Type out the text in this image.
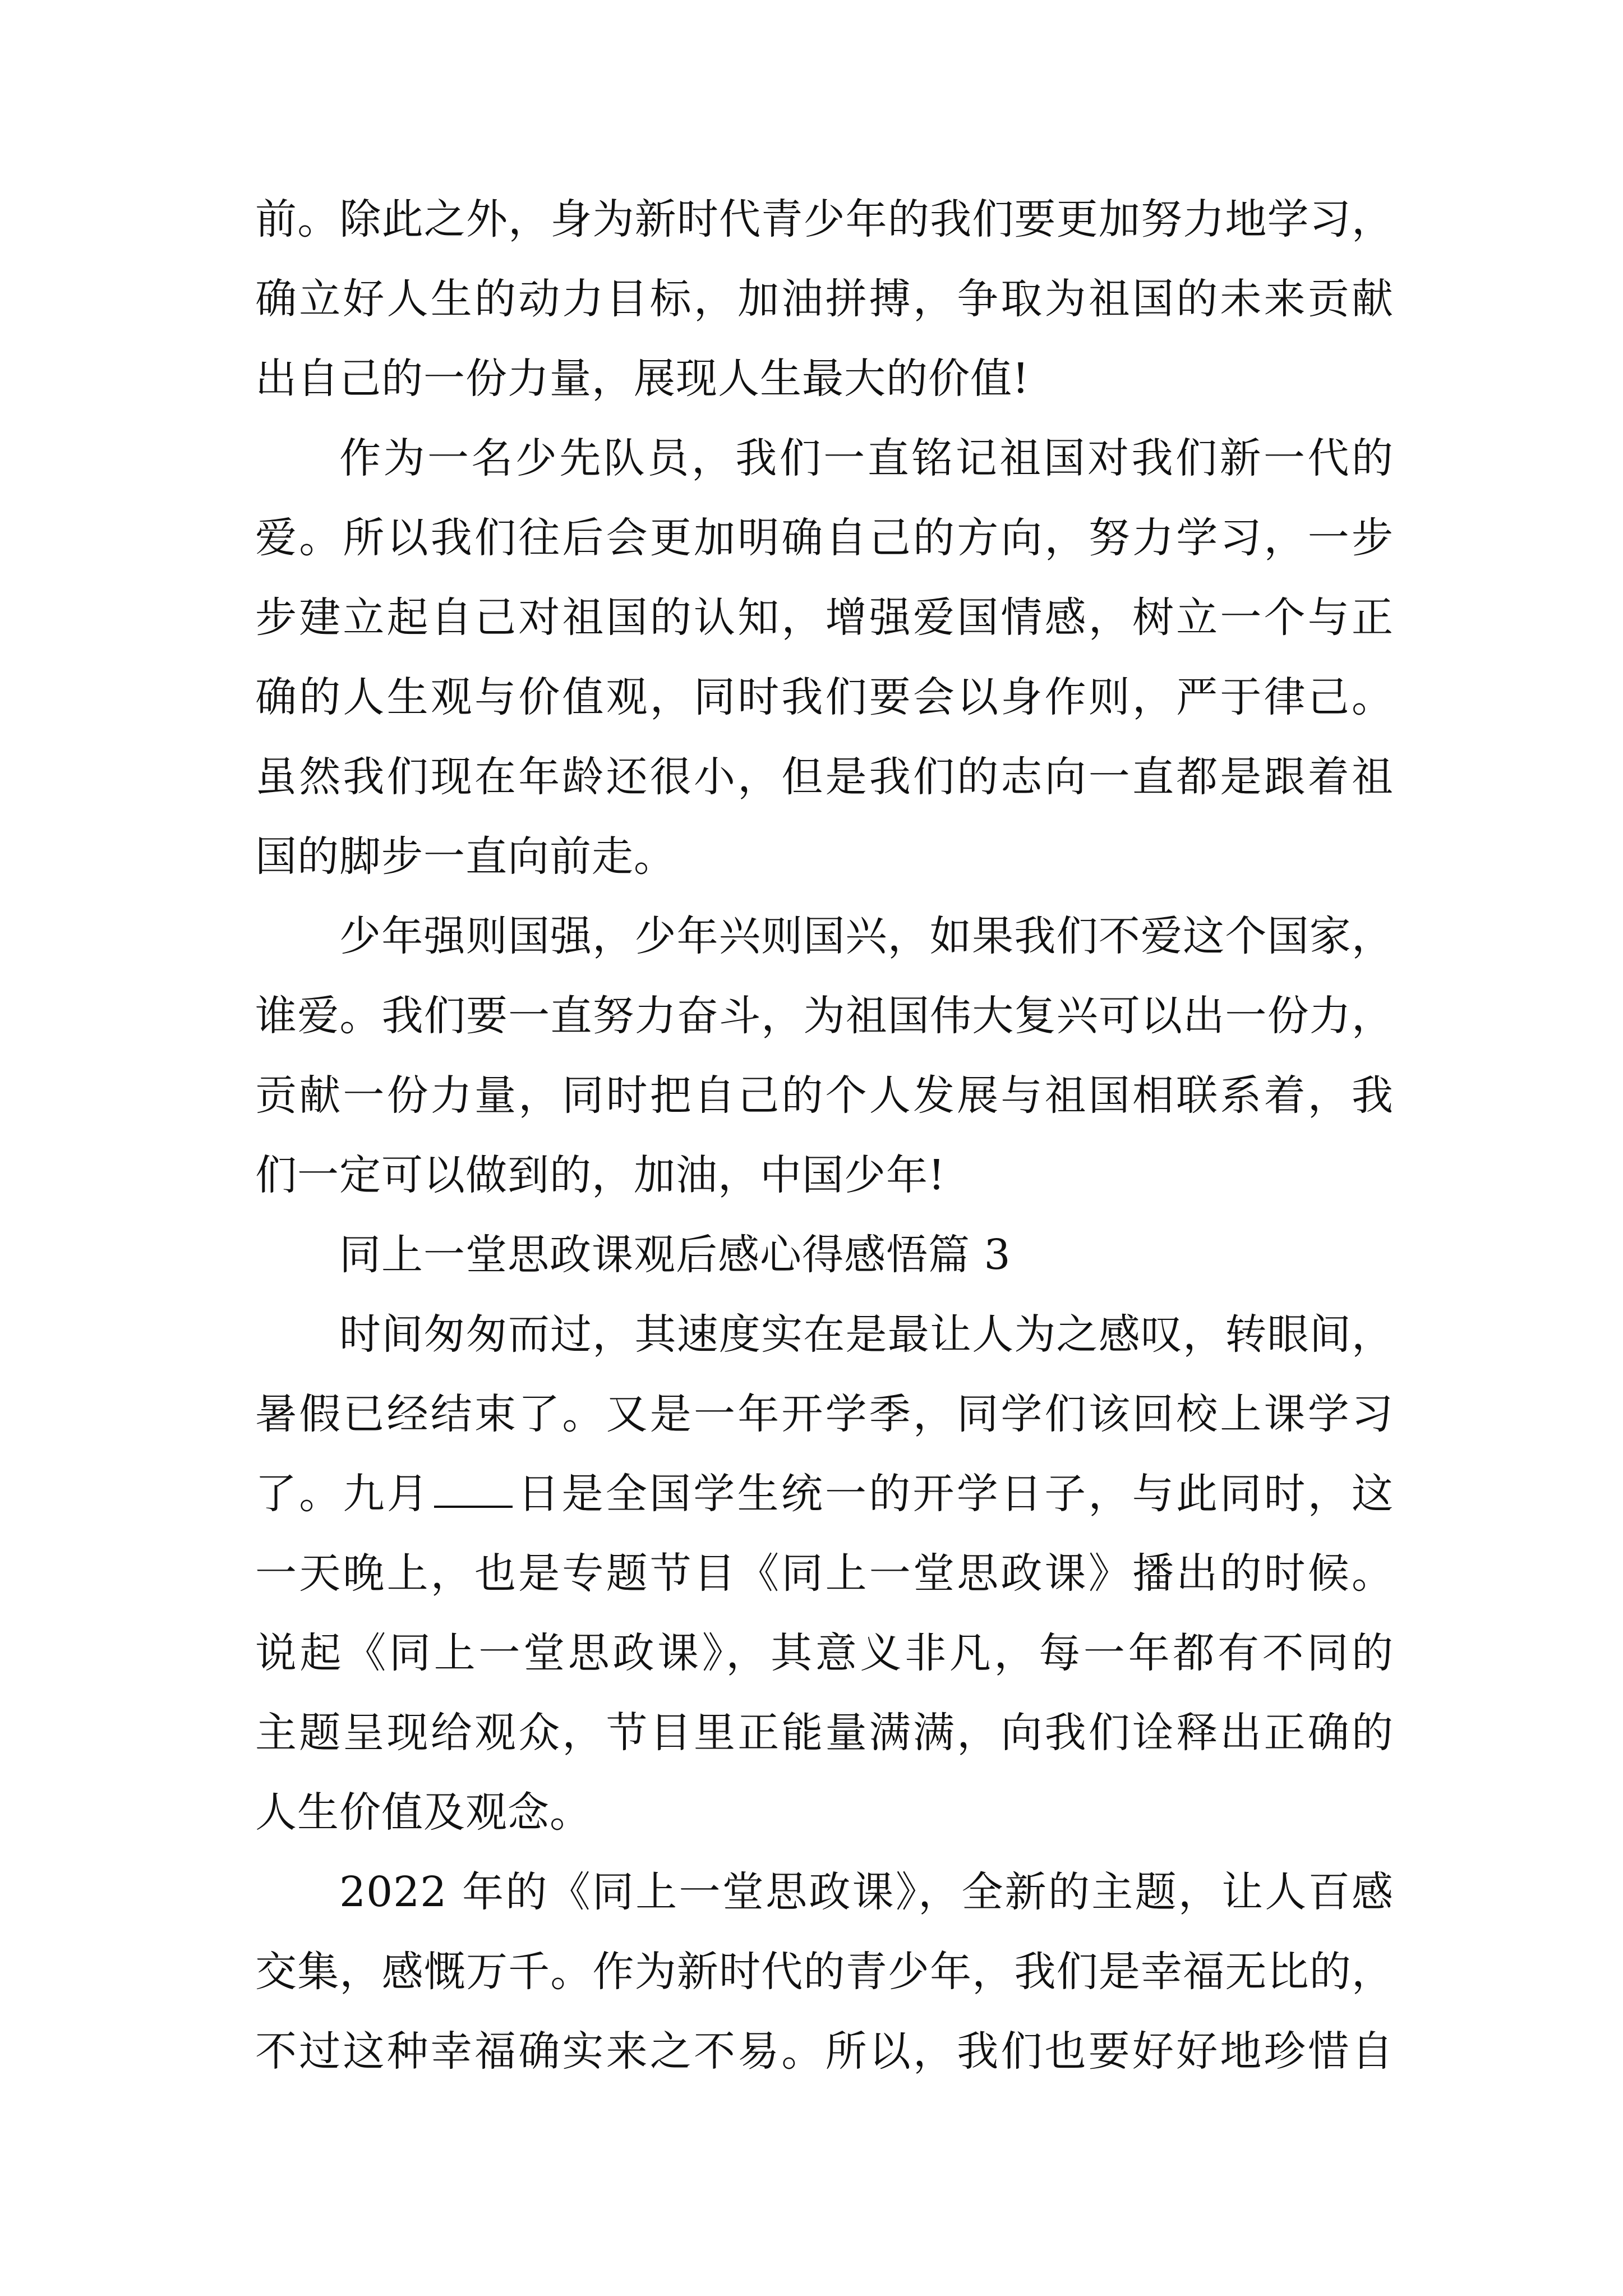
前。除此之外，身为新时代青少年的我们要更加努力地学习，
确立好人生的动力目标，加油拼搏，争取为祖国的未来贡献
出自己的一份力量，展现人生最大的价值!
作为一名少先队员，我们一直铭记祖国对我们新一代的
爱。所以我们往后会更加明确自己的方向，努力学习，一步
步建立起自己对祖国的认知，增强爱国情感，树立一个与正
确的人生观与价值观，同时我们要会以身作则，严于律己。
虽然我们现在年龄还很小，但是我们的志向一直都是跟着祖
国的脚步一直向前走。
少年强则国强，少年兴则国兴，如果我们不爱这个国家，
谁爱。我们要一直努力奋斗，为祖国伟大复兴可以出一份力，
贡献一份力量，同时把自己的个人发展与祖国相联系着，我
们一定可以做到的，加油，中国少年!
同上一堂思政课观后感心得感悟篇 3
时间匆匆而过，其速度实在是最让人为之感叹，转眼间，
暑假已经结束了。又是一年开学季，同学们该回校上课学习
了。九月 日是全国学生统一的开学日子，与此同时，这
一天晚上，也是专题节目《同上一堂思政课》播出的时候。
说起《同上一堂思政课》，其意义非凡，每一年都有不同的
主题呈现给观众，节目里正能量满满，向我们诠释出正确的
人生价值及观念。
2022 年的《同上一堂思政课》，全新的主题，让人百感
交集，感慨万千。作为新时代的青少年，我们是幸福无比的，
不过这种幸福确实来之不易。所以，我们也要好好地珍惜自
